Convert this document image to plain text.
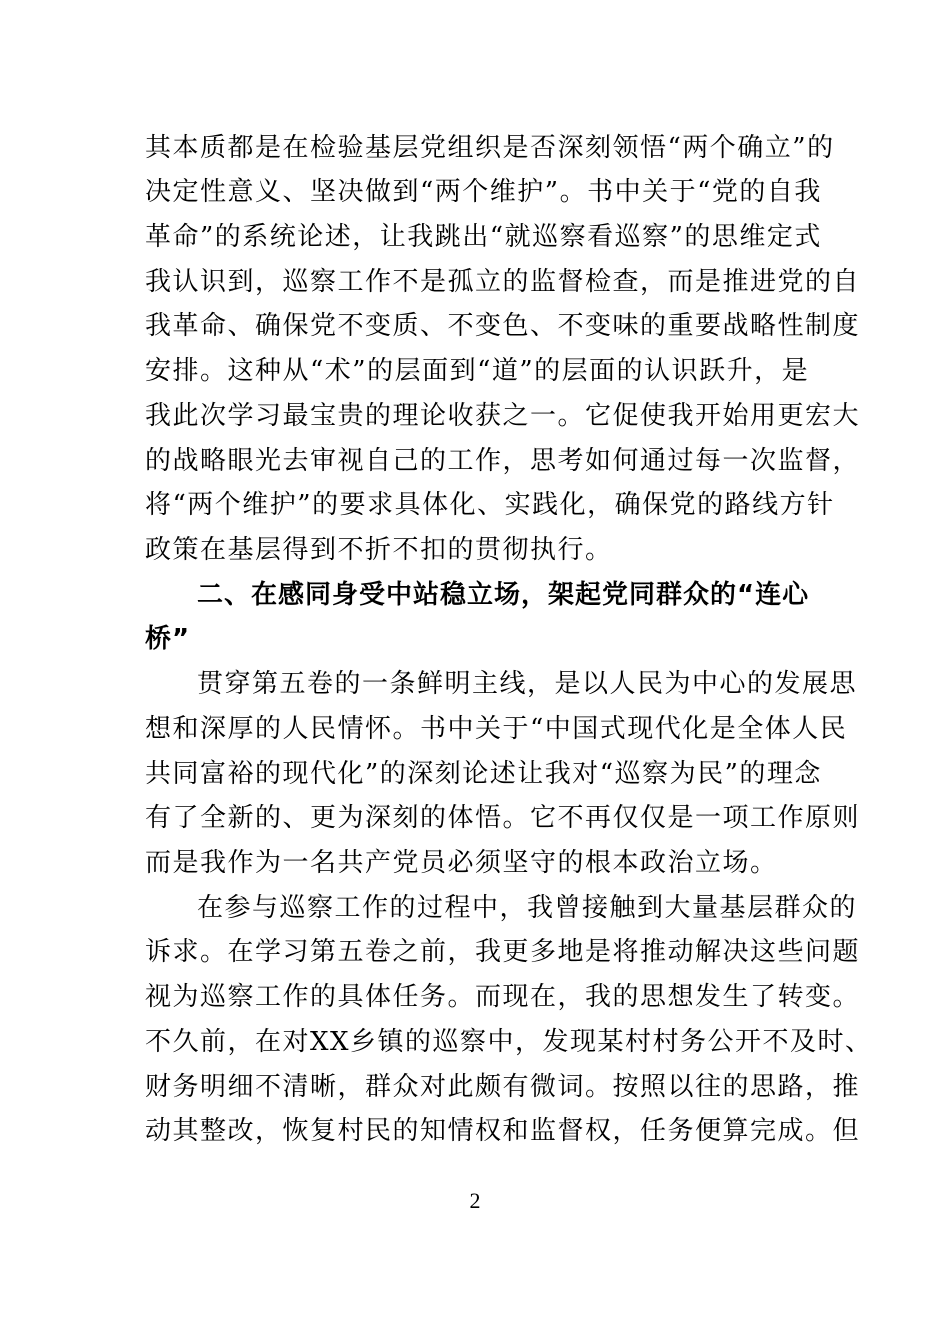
其本质都是在检验基层党组织是否深刻领悟“两个确立”的
决定性意义、坚决做到“两个维护”。书中关于“党的自我
革命”的系统论述，让我跳出“就巡察看巡察”的思维定式
我认识到，巡察工作不是孤立的监督检查，而是推进党的自
我革命、确保党不变质、不变色、不变味的重要战略性制度
安排。这种从“术”的层面到“道”的层面的认识跃升，是
我此次学习最宝贵的理论收获之一。它促使我开始用更宏大
的战略眼光去审视自己的工作，思考如何通过每一次监督，
将“两个维护”的要求具体化、实践化，确保党的路线方针
政策在基层得到不折不扣的贯彻执行。
二、在感同身受中站稳立场，架起党同群众的“连心
桥”
贯穿第五卷的一条鲜明主线，是以人民为中心的发展思
想和深厚的人民情怀。书中关于“中国式现代化是全体人民
共同富裕的现代化”的深刻论述让我对“巡察为民”的理念
有了全新的、更为深刻的体悟。它不再仅仅是一项工作原则
而是我作为一名共产党员必须坚守的根本政治立场。
在参与巡察工作的过程中，我曾接触到大量基层群众的
诉求。在学习第五卷之前，我更多地是将推动解决这些问题
视为巡察工作的具体任务。而现在，我的思想发生了转变。
不久前，在对XX乡镇的巡察中，发现某村村务公开不及时、
财务明细不清晰，群众对此颇有微词。按照以往的思路，推
动其整改，恢复村民的知情权和监督权，任务便算完成。但
2
